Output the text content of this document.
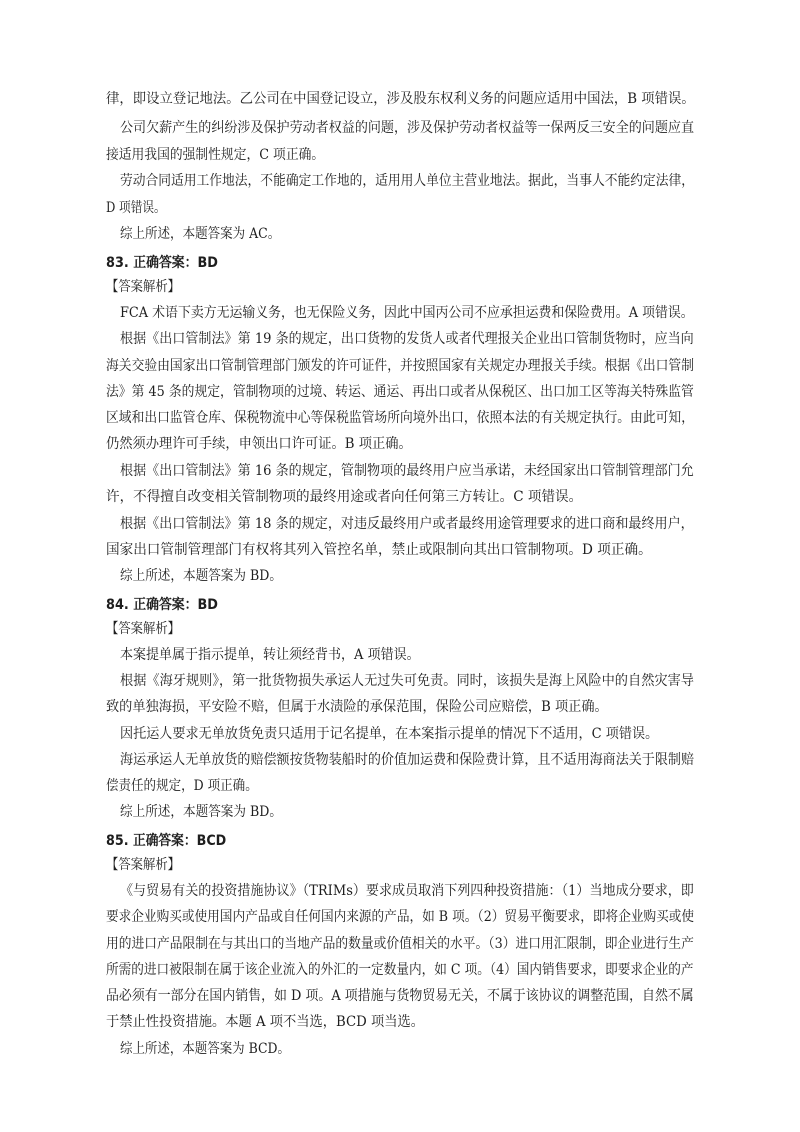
律，即设立登记地法。乙公司在中国登记设立，涉及股东权利义务的问题应适用中国法，B 项错误。
公司欠薪产生的纠纷涉及保护劳动者权益的问题，涉及保护劳动者权益等一保两反三安全的问题应直
接适用我国的强制性规定，C 项正确。
劳动合同适用工作地法，不能确定工作地的，适用用人单位主营业地法。据此，当事人不能约定法律，
D 项错误。
综上所述，本题答案为 AC。
83. 正确答案：BD
【答案解析】
FCA 术语下卖方无运输义务，也无保险义务，因此中国丙公司不应承担运费和保险费用。A 项错误。
根据《出口管制法》第 19 条的规定，出口货物的发货人或者代理报关企业出口管制货物时，应当向
海关交验由国家出口管制管理部门颁发的许可证件，并按照国家有关规定办理报关手续。根据《出口管制
法》第 45 条的规定，管制物项的过境、转运、通运、再出口或者从保税区、出口加工区等海关特殊监管
区域和出口监管仓库、保税物流中心等保税监管场所向境外出口，依照本法的有关规定执行。由此可知，
仍然须办理许可手续，申领出口许可证。B 项正确。
根据《出口管制法》第 16 条的规定，管制物项的最终用户应当承诺，未经国家出口管制管理部门允
许，不得擅自改变相关管制物项的最终用途或者向任何第三方转让。C 项错误。
根据《出口管制法》第 18 条的规定，对违反最终用户或者最终用途管理要求的进口商和最终用户，
国家出口管制管理部门有权将其列入管控名单，禁止或限制向其出口管制物项。D 项正确。
综上所述，本题答案为 BD。
84. 正确答案：BD
【答案解析】
本案提单属于指示提单，转让须经背书，A 项错误。
根据《海牙规则》，第一批货物损失承运人无过失可免责。同时，该损失是海上风险中的自然灾害导
致的单独海损，平安险不赔，但属于水渍险的承保范围，保险公司应赔偿，B 项正确。
因托运人要求无单放货免责只适用于记名提单，在本案指示提单的情况下不适用，C 项错误。
海运承运人无单放货的赔偿额按货物装船时的价值加运费和保险费计算，且不适用海商法关于限制赔
偿责任的规定，D 项正确。
综上所述，本题答案为 BD。
85. 正确答案：BCD
【答案解析】
《与贸易有关的投资措施协议》（TRIMs）要求成员取消下列四种投资措施：（1）当地成分要求，即
要求企业购买或使用国内产品或自任何国内来源的产品，如 B 项。（2）贸易平衡要求，即将企业购买或使
用的进口产品限制在与其出口的当地产品的数量或价值相关的水平。（3）进口用汇限制，即企业进行生产
所需的进口被限制在属于该企业流入的外汇的一定数量内，如 C 项。（4）国内销售要求，即要求企业的产
品必须有一部分在国内销售，如 D 项。A 项措施与货物贸易无关，不属于该协议的调整范围，自然不属
于禁止性投资措施。本题 A 项不当选，BCD 项当选。
综上所述，本题答案为 BCD。
